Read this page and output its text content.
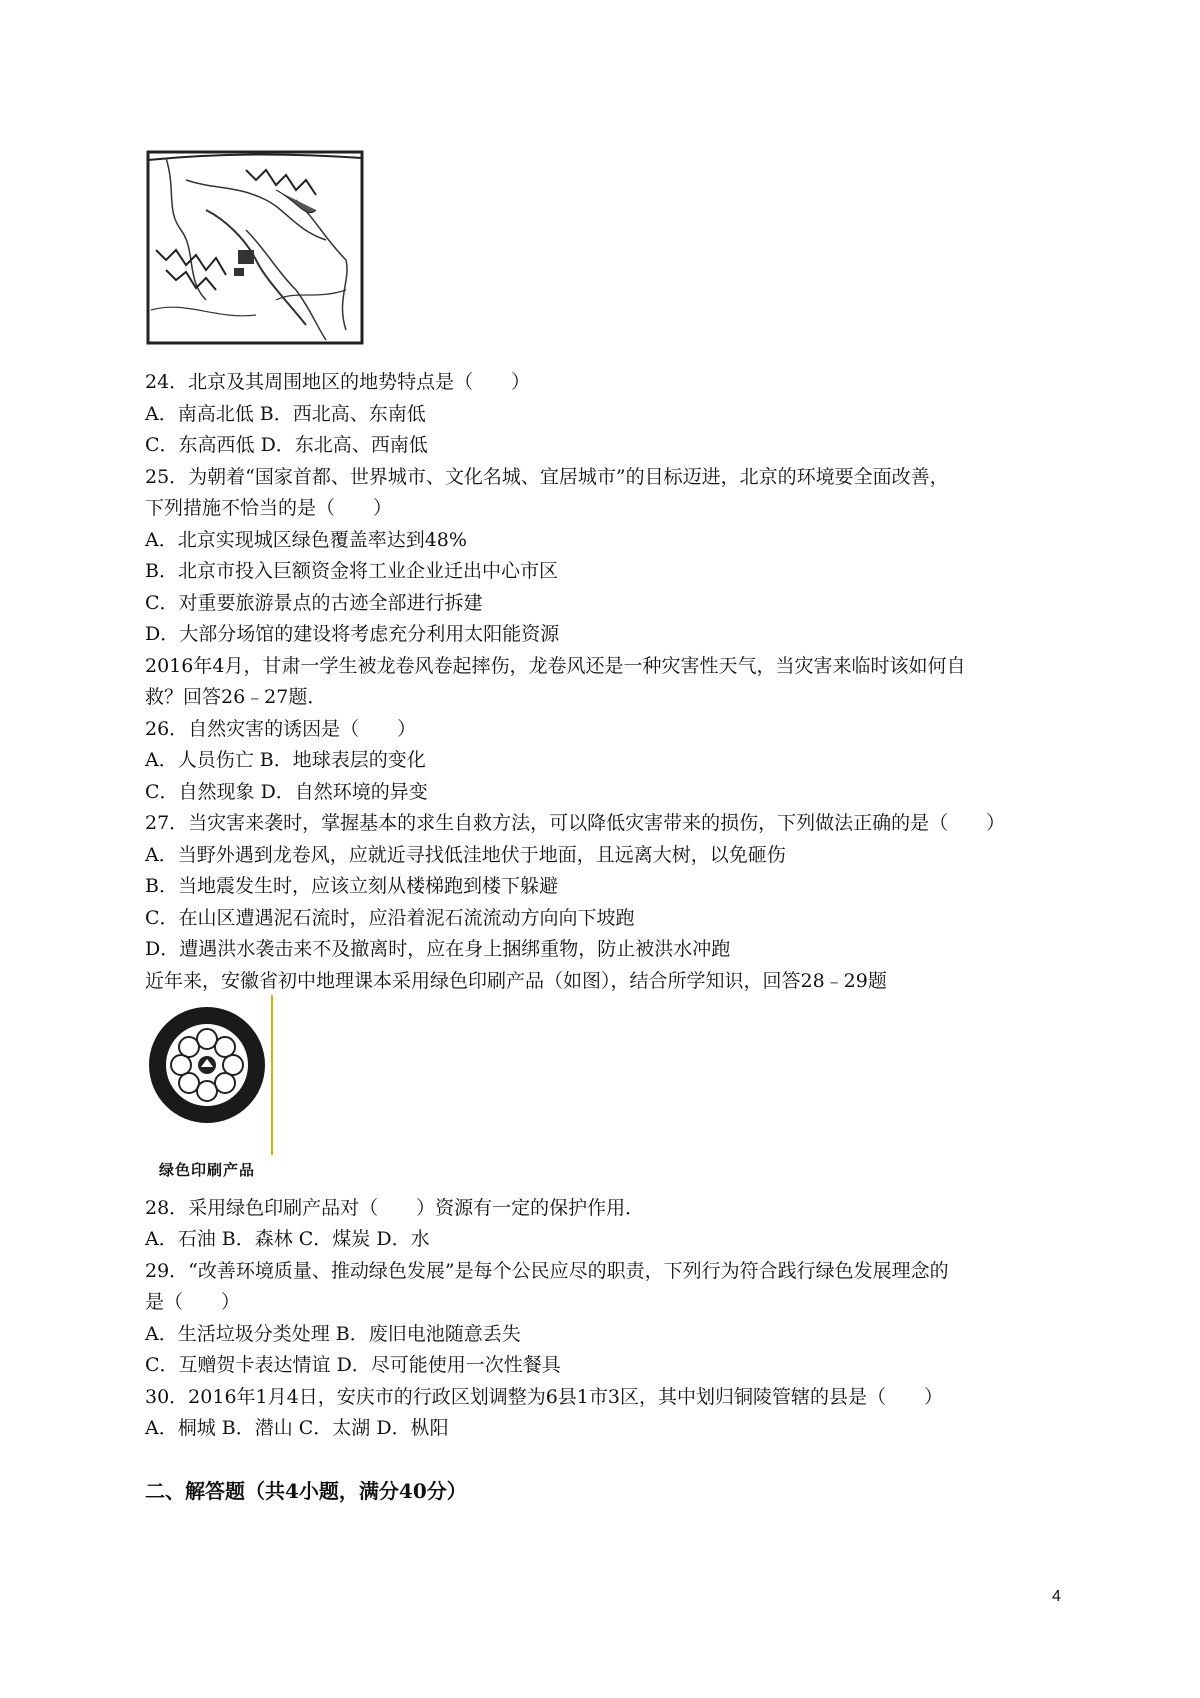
24．北京及其周围地区的地势特点是（　　）
A．南高北低 B．西北高、东南低
C．东高西低 D．东北高、西南低
25．为朝着“国家首都、世界城市、文化名城、宜居城市”的目标迈进，北京的环境要全面改善，
下列措施不恰当的是（　　）
A．北京实现城区绿色覆盖率达到48%
B．北京市投入巨额资金将工业企业迁出中心市区
C．对重要旅游景点的古迹全部进行拆建
D．大部分场馆的建设将考虑充分利用太阳能资源
2016年4月，甘肃一学生被龙卷风卷起摔伤，龙卷风还是一种灾害性天气，当灾害来临时该如何自
救？回答26﹣27题．
26．自然灾害的诱因是（　　）
A．人员伤亡 B．地球表层的变化
C．自然现象 D．自然环境的异变
27．当灾害来袭时，掌握基本的求生自救方法，可以降低灾害带来的损伤，下列做法正确的是（　　）
A．当野外遇到龙卷风，应就近寻找低洼地伏于地面，且远离大树，以免砸伤
B．当地震发生时，应该立刻从楼梯跑到楼下躲避
C．在山区遭遇泥石流时，应沿着泥石流流动方向向下坡跑
D．遭遇洪水袭击来不及撤离时，应在身上捆绑重物，防止被洪水冲跑
近年来，安徽省初中地理课本采用绿色印刷产品（如图），结合所学知识，回答28﹣29题
绿色印刷产品
28．采用绿色印刷产品对（　　）资源有一定的保护作用．
A．石油 B．森林 C．煤炭 D．水
29．“改善环境质量、推动绿色发展”是每个公民应尽的职责，下列行为符合践行绿色发展理念的
是（　　）
A．生活垃圾分类处理 B．废旧电池随意丢失
C．互赠贺卡表达情谊 D．尽可能使用一次性餐具
30．2016年1月4日，安庆市的行政区划调整为6县1市3区，其中划归铜陵管辖的县是（　　）
A．桐城 B．潜山 C．太湖 D．枞阳
二、解答题（共4小题，满分40分）
4
